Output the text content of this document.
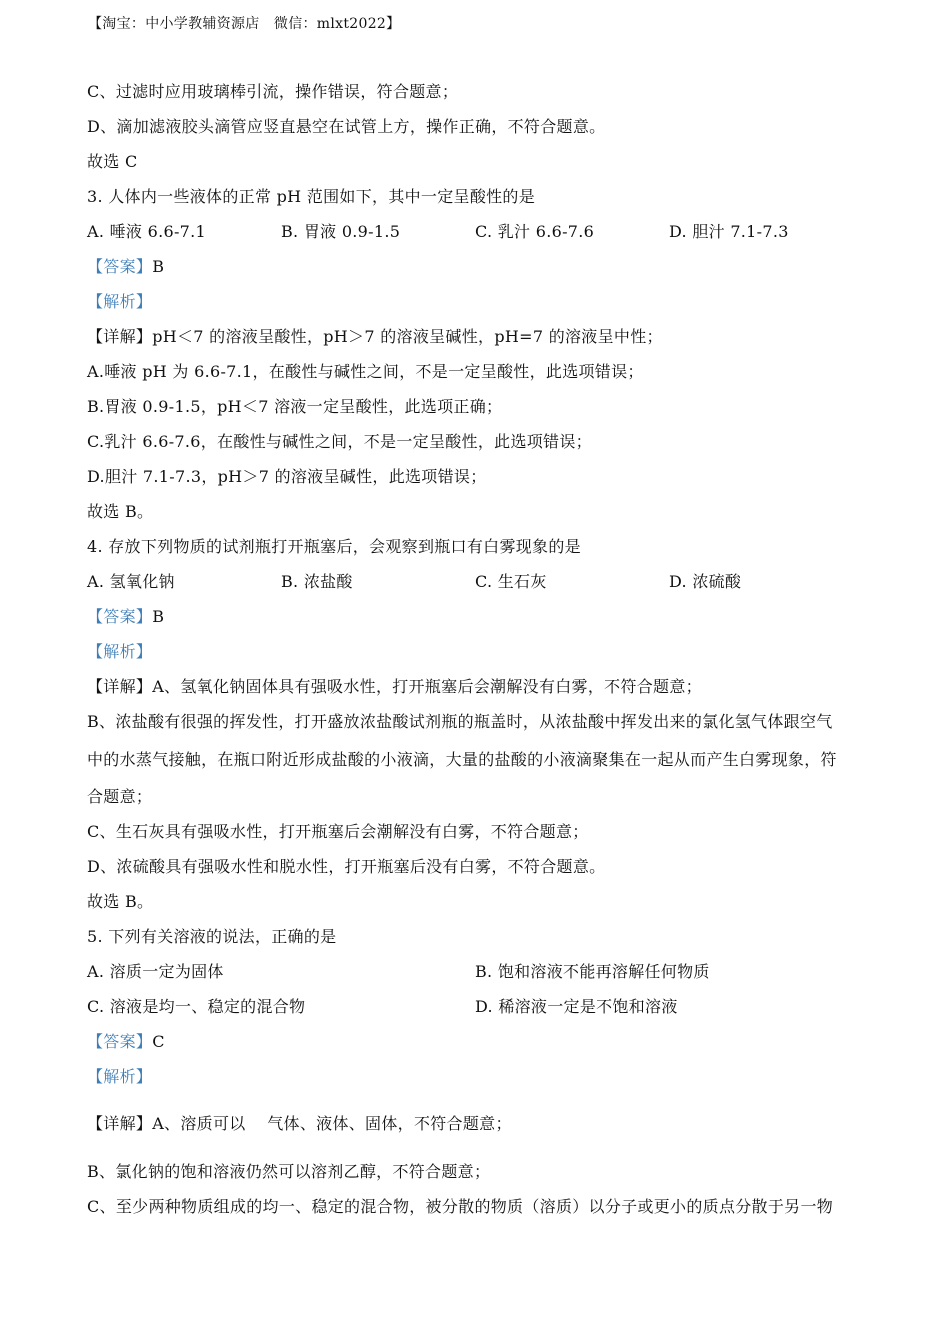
【淘宝：中小学教辅资源店　微信：mlxt2022】
C、过滤时应用玻璃棒引流，操作错误，符合题意；
D、滴加滤液胶头滴管应竖直悬空在试管上方，操作正确，不符合题意。
故选 C
3. 人体内一些液体的正常 pH 范围如下，其中一定呈酸性的是
A. 唾液 6.6-7.1	B. 胃液 0.9-1.5	C. 乳汁 6.6-7.6	D. 胆汁 7.1-7.3
【答案】B
【解析】
【详解】pH＜7 的溶液呈酸性，pH＞7 的溶液呈碱性，pH=7 的溶液呈中性；
A.唾液 pH 为 6.6-7.1，在酸性与碱性之间，不是一定呈酸性，此选项错误；
B.胃液 0.9-1.5，pH＜7 溶液一定呈酸性，此选项正确；
C.乳汁 6.6-7.6，在酸性与碱性之间，不是一定呈酸性，此选项错误；
D.胆汁 7.1-7.3，pH＞7 的溶液呈碱性，此选项错误；
故选 B。
4. 存放下列物质的试剂瓶打开瓶塞后，会观察到瓶口有白雾现象的是
A. 氢氧化钠	B. 浓盐酸	C. 生石灰	D. 浓硫酸
【答案】B
【解析】
【详解】A、氢氧化钠固体具有强吸水性，打开瓶塞后会潮解没有白雾，不符合题意；
B、浓盐酸有很强的挥发性，打开盛放浓盐酸试剂瓶的瓶盖时，从浓盐酸中挥发出来的氯化氢气体跟空气
中的水蒸气接触，在瓶口附近形成盐酸的小液滴，大量的盐酸的小液滴聚集在一起从而产生白雾现象，符
合题意；
C、生石灰具有强吸水性，打开瓶塞后会潮解没有白雾，不符合题意；
D、浓硫酸具有强吸水性和脱水性，打开瓶塞后没有白雾，不符合题意。
故选 B。
5. 下列有关溶液的说法，正确的是
A. 溶质一定为固体	B. 饱和溶液不能再溶解任何物质
C. 溶液是均一、稳定的混合物	D. 稀溶液一定是不饱和溶液
【答案】C
【解析】
【详解】A、溶质可以　 气体、液体、固体，不符合题意；
B、氯化钠的饱和溶液仍然可以溶剂乙醇，不符合题意；
C、至少两种物质组成的均一、稳定的混合物，被分散的物质（溶质）以分子或更小的质点分散于另一物
